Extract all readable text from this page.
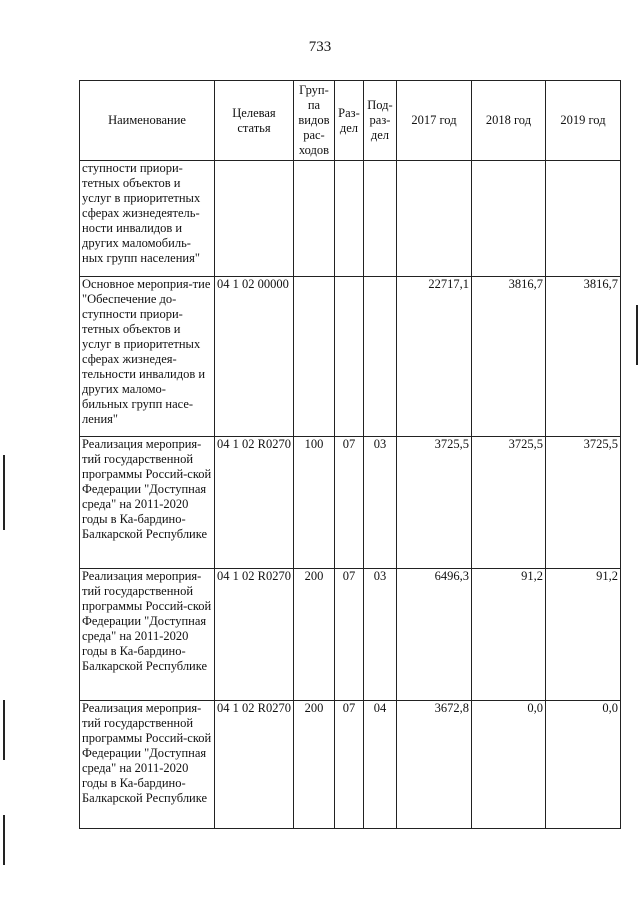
733
Наименование	Целевая статья	Груп-па видов рас-ходов	Раз-дел	Под-раз-дел	2017 год	2018 год	2019 год
ступности приори-тетных объектов и услуг в приоритетных сферах жизнедеятель-ности инвалидов и других маломобиль-ных групп населения"							
Основное мероприя-тие "Обеспечение до-ступности приори-тетных объектов и услуг в приоритетных сферах жизнедея-тельности инвалидов и других маломо-бильных групп насе-ления"	04 1 02 00000				22717,1	3816,7	3816,7
Реализация мероприя-тий государственной программы Россий-ской Федерации "Доступная среда" на 2011-2020 годы в Ка-бардино-Балкарской Республике	04 1 02 R0270	100	07	03	3725,5	3725,5	3725,5
Реализация мероприя-тий государственной программы Россий-ской Федерации "Доступная среда" на 2011-2020 годы в Ка-бардино-Балкарской Республике	04 1 02 R0270	200	07	03	6496,3	91,2	91,2
Реализация мероприя-тий государственной программы Россий-ской Федерации "Доступная среда" на 2011-2020 годы в Ка-бардино-Балкарской Республике	04 1 02 R0270	200	07	04	3672,8	0,0	0,0
